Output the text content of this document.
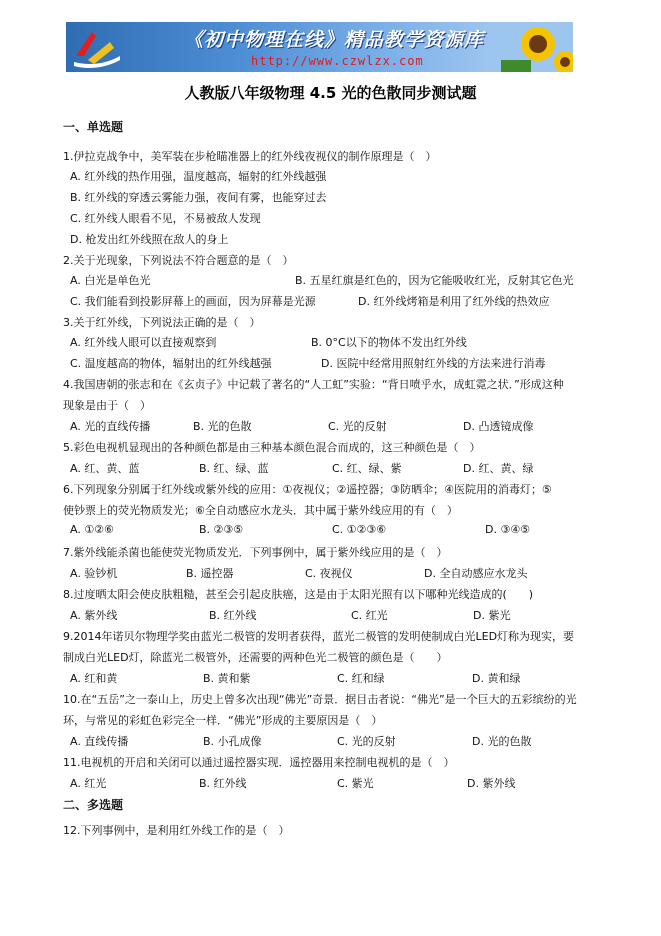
《初中物理在线》精品教学资源库
http://www.czwlzx.com
人教版八年级物理 4.5 光的色散同步测试题
一、单选题
1.伊拉克战争中，美军装在步枪瞄准器上的红外线夜视仪的制作原理是（　）
A. 红外线的热作用强，温度越高，辐射的红外线越强
B. 红外线的穿透云雾能力强，夜间有雾，也能穿过去
C. 红外线人眼看不见，不易被敌人发现
D. 枪发出红外线照在敌人的身上
2.关于光现象，下列说法不符合题意的是（　）
A. 白光是单色光	B. 五星红旗是红色的，因为它能吸收红光，反射其它色光
C. 我们能看到投影屏幕上的画面，因为屏幕是光源	D. 红外线烤箱是利用了红外线的热效应
3.关于红外线，下列说法正确的是（　）
A. 红外线人眼可以直接观察到	B. 0°C以下的物体不发出红外线
C. 温度越高的物体，辐射出的红外线越强	D. 医院中经常用照射红外线的方法来进行消毒
4.我国唐朝的张志和在《玄贞子》中记载了著名的“人工虹”实验：“背日喷乎水，成虹霓之状．”形成这种
现象是由于（　）
A. 光的直线传播	B. 光的色散	C. 光的反射	D. 凸透镜成像
5.彩色电视机显现出的各种颜色都是由三种基本颜色混合而成的，这三种颜色是（　）
A. 红、黄、蓝	B. 红、绿、蓝	C. 红、绿、紫	D. 红、黄、绿
6.下列现象分别属于红外线或紫外线的应用：①夜视仪；②遥控器；③防晒伞；④医院用的消毒灯；⑤
使钞票上的荧光物质发光；⑥全自动感应水龙头．其中属于紫外线应用的有（　）
A. ①②⑥	B. ②③⑤	C. ①②③⑥	D. ③④⑤
7.紫外线能杀菌也能使荧光物质发光．下列事例中，属于紫外线应用的是（　）
A. 验钞机	B. 遥控器	C. 夜视仪	D. 全自动感应水龙头
8.过度晒太阳会使皮肤粗糙，甚至会引起皮肤癌，这是由于太阳光照有以下哪种光线造成的(　　)
A. 紫外线	B. 红外线	C. 红光	D. 紫光
9.2014年诺贝尔物理学奖由蓝光二极管的发明者获得，蓝光二极管的发明使制成白光LED灯称为现实，要
制成白光LED灯，除蓝光二极管外，还需要的两种色光二极管的颜色是（　　）
A. 红和黄	B. 黄和紫	C. 红和绿	D. 黄和绿
10.在“五岳”之一泰山上，历史上曾多次出现“佛光”奇景．据目击者说：“佛光”是一个巨大的五彩缤纷的光
环，与常见的彩虹色彩完全一样．“佛光”形成的主要原因是（　）
A. 直线传播	B. 小孔成像	C. 光的反射	D. 光的色散
11.电视机的开启和关闭可以通过遥控器实现．遥控器用来控制电视机的是（　）
A. 红光	B. 红外线	C. 紫光	D. 紫外线
二、多选题
12.下列事例中，是利用红外线工作的是（　）
